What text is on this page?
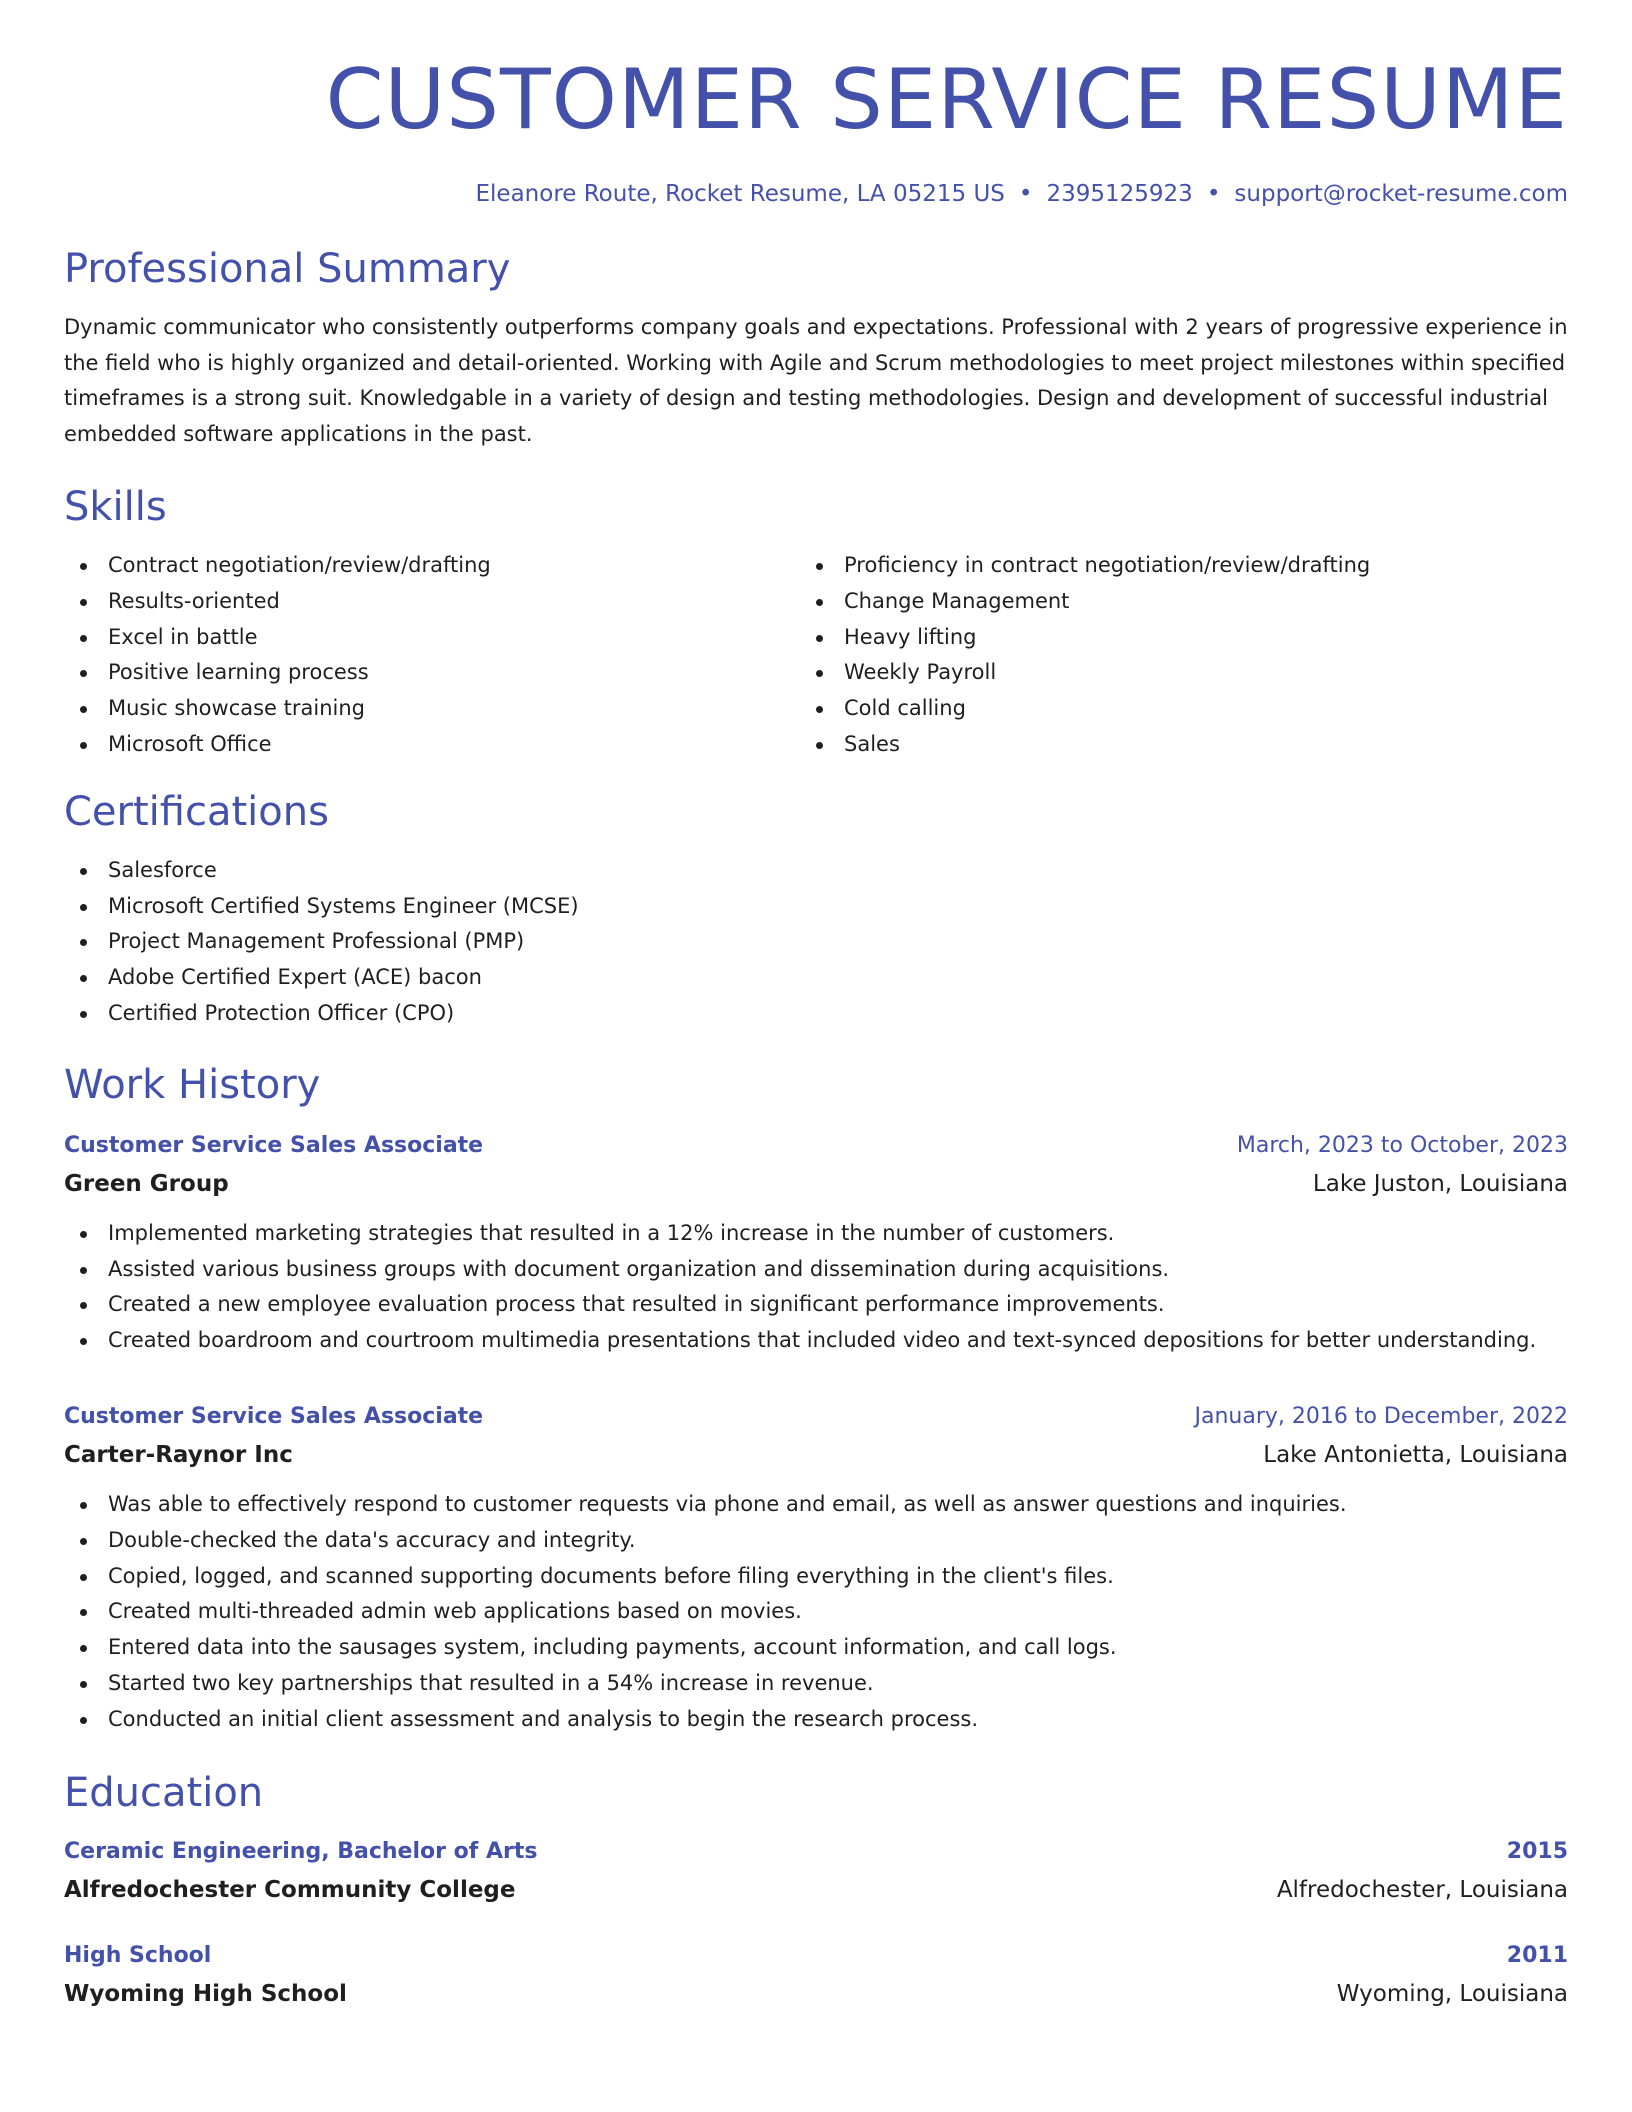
CUSTOMER SERVICE RESUME
Eleanore Route, Rocket Resume, LA 05215 US • 2395125923 • support@rocket-resume.com
Professional Summary
Dynamic communicator who consistently outperforms company goals and expectations. Professional with 2 years of progressive experience in the field who is highly organized and detail-oriented. Working with Agile and Scrum methodologies to meet project milestones within specified timeframes is a strong suit. Knowledgable in a variety of design and testing methodologies. Design and development of successful industrial embedded software applications in the past.
Skills
Contract negotiation/review/drafting
Results-oriented
Excel in battle
Positive learning process
Music showcase training
Microsoft Office
Proficiency in contract negotiation/review/drafting
Change Management
Heavy lifting
Weekly Payroll
Cold calling
Sales
Certifications
Salesforce
Microsoft Certified Systems Engineer (MCSE)
Project Management Professional (PMP)
Adobe Certified Expert (ACE) bacon
Certified Protection Officer (CPO)
Work History
Customer Service Sales Associate	March, 2023 to October, 2023
Green Group	Lake Juston, Louisiana
Implemented marketing strategies that resulted in a 12% increase in the number of customers.
Assisted various business groups with document organization and dissemination during acquisitions.
Created a new employee evaluation process that resulted in significant performance improvements.
Created boardroom and courtroom multimedia presentations that included video and text-synced depositions for better understanding.
Customer Service Sales Associate	January, 2016 to December, 2022
Carter-Raynor Inc	Lake Antonietta, Louisiana
Was able to effectively respond to customer requests via phone and email, as well as answer questions and inquiries.
Double-checked the data's accuracy and integrity.
Copied, logged, and scanned supporting documents before filing everything in the client's files.
Created multi-threaded admin web applications based on movies.
Entered data into the sausages system, including payments, account information, and call logs.
Started two key partnerships that resulted in a 54% increase in revenue.
Conducted an initial client assessment and analysis to begin the research process.
Education
Ceramic Engineering, Bachelor of Arts	2015
Alfredochester Community College	Alfredochester, Louisiana
High School	2011
Wyoming High School	Wyoming, Louisiana
